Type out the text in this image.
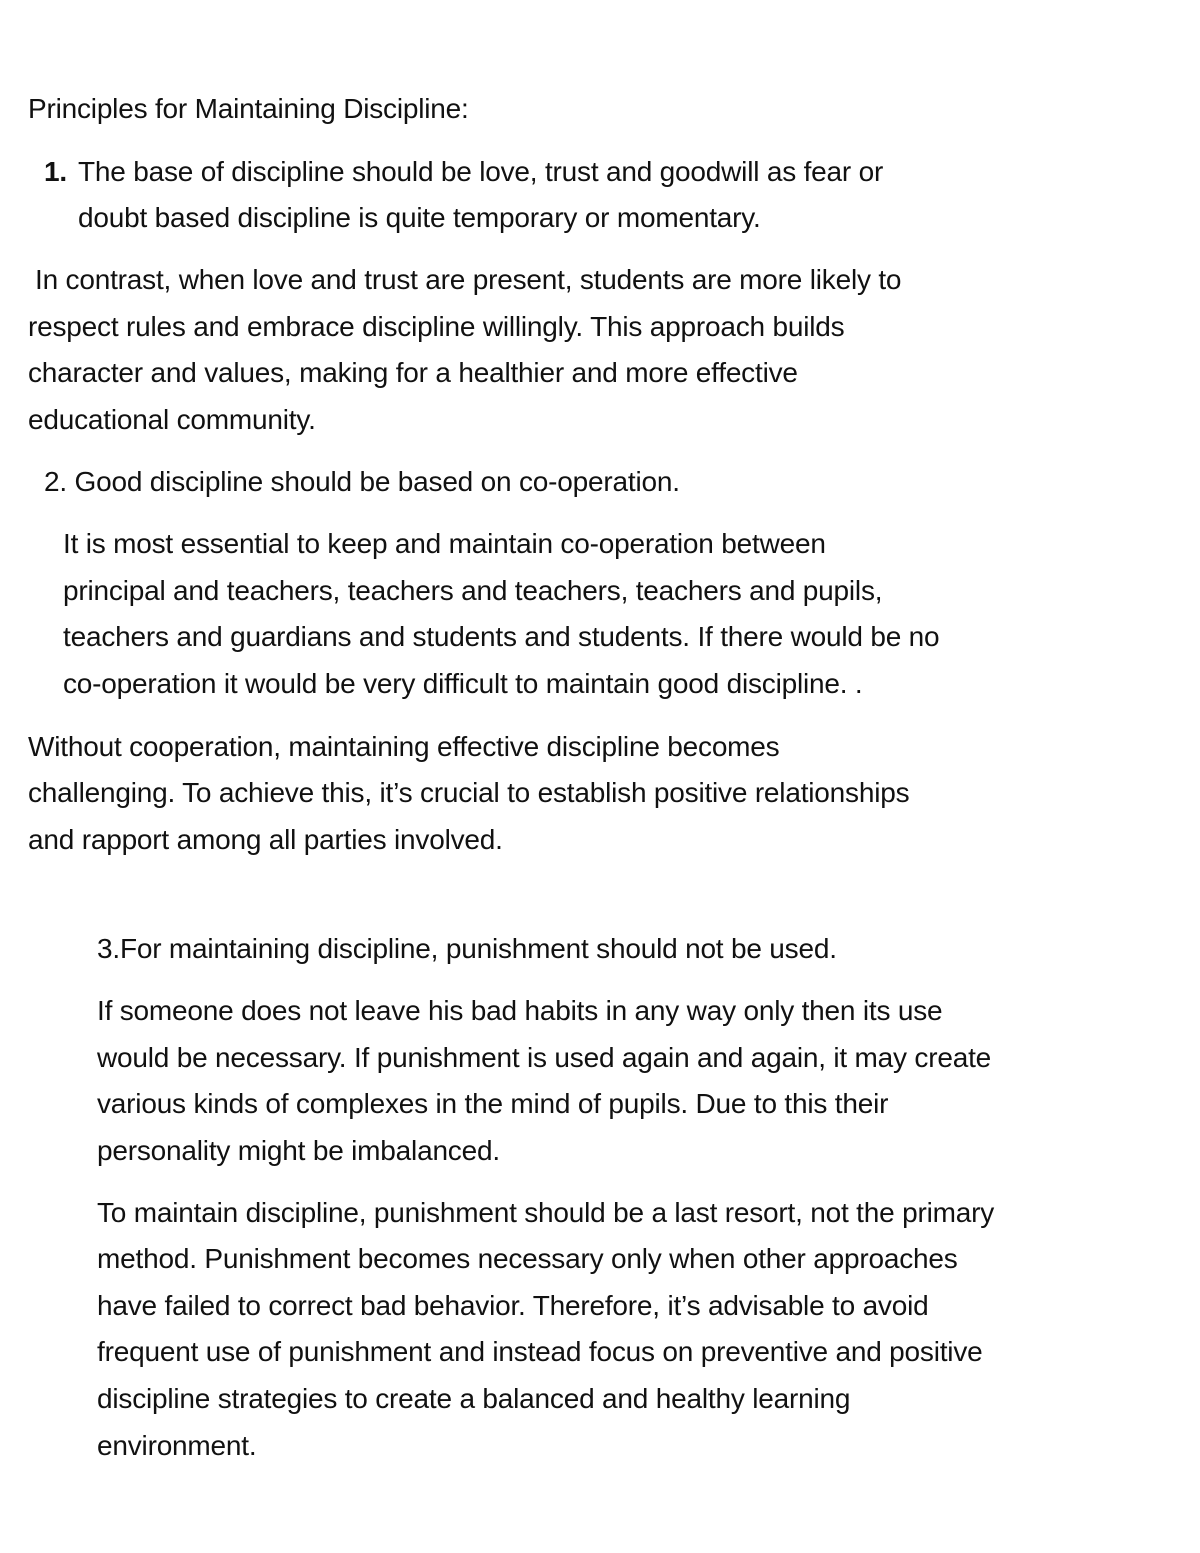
Principles for Maintaining Discipline:

1. The base of discipline should be love, trust and goodwill as fear or

doubt based discipline is quite temporary or momentary.

In contrast, when love and trust are present, students are more likely to

respect rules and embrace discipline willingly. This approach builds

character and values, making for a healthier and more effective

educational community.

2. Good discipline should be based on co-operation.

It is most essential to keep and maintain co-operation between

principal and teachers, teachers and teachers, teachers and pupils,

teachers and guardians and students and students. If there would be no

co-operation it would be very difficult to maintain good discipline. .

Without cooperation, maintaining effective discipline becomes

challenging. To achieve this, it’s crucial to establish positive relationships

and rapport among all parties involved.

3.For maintaining discipline, punishment should not be used.

If someone does not leave his bad habits in any way only then its use

would be necessary. If punishment is used again and again, it may create

various kinds of complexes in the mind of pupils. Due to this their

personality might be imbalanced.

To maintain discipline, punishment should be a last resort, not the primary

method. Punishment becomes necessary only when other approaches

have failed to correct bad behavior. Therefore, it’s advisable to avoid

frequent use of punishment and instead focus on preventive and positive

discipline strategies to create a balanced and healthy learning

environment.
